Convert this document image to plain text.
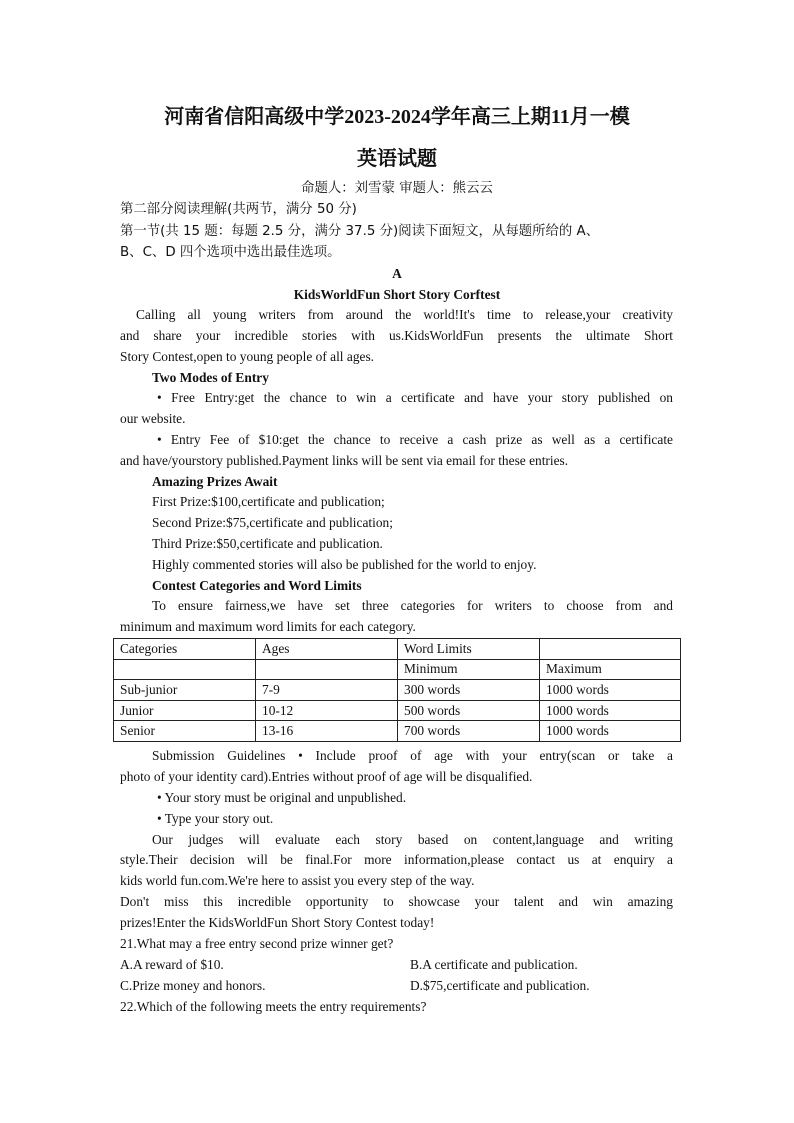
河南省信阳高级中学2023-2024学年高三上期11月一模
英语试题
命题人：刘雪蒙 审题人：熊云云
第二部分阅读理解(共两节，满分 50 分)
第一节(共 15 题：每题 2.5 分，满分 37.5 分)阅读下面短文，从每题所给的 A、
B、C、D 四个选项中选出最佳选项。
A
KidsWorldFun Short Story Corftest
Calling all young writers from around the world!It's time to release,your creativity
and share your incredible stories with us.KidsWorldFun presents the ultimate Short
Story Contest,open to young people of all ages.
Two Modes of Entry
• Free Entry:get the chance to win a certificate and have your story published on
our website.
• Entry Fee of $10:get the chance to receive a cash prize as well as a certificate
and have/yourstory published.Payment links will be sent via email for these entries.
Amazing Prizes Await
First Prize:$100,certificate and publication;
Second Prize:$75,certificate and publication;
Third Prize:$50,certificate and publication.
Highly commented stories will also be published for the world to enjoy.
Contest Categories and Word Limits
To ensure fairness,we have set three categories for writers to choose from and
minimum and maximum word limits for each category.
Categories	Ages	Word Limits	
		Minimum	Maximum
Sub-junior	7-9	300 words	1000 words
Junior	10-12	500 words	1000 words
Senior	13-16	700 words	1000 words
Submission Guidelines • Include proof of age with your entry(scan or take a
photo of your identity card).Entries without proof of age will be disqualified.
• Your story must be original and unpublished.
• Type your story out.
Our judges will evaluate each story based on content,language and writing
style.Their decision will be final.For more information,please contact us at enquiry a
kids world fun.com.We're here to assist you every step of the way.
Don't miss this incredible opportunity to showcase your talent and win amazing
prizes!Enter the KidsWorldFun Short Story Contest today!
21.What may a free entry second prize winner get?
A.A reward of $10.	B.A certificate and publication.
C.Prize money and honors.	D.$75,certificate and publication.
22.Which of the following meets the entry requirements?
